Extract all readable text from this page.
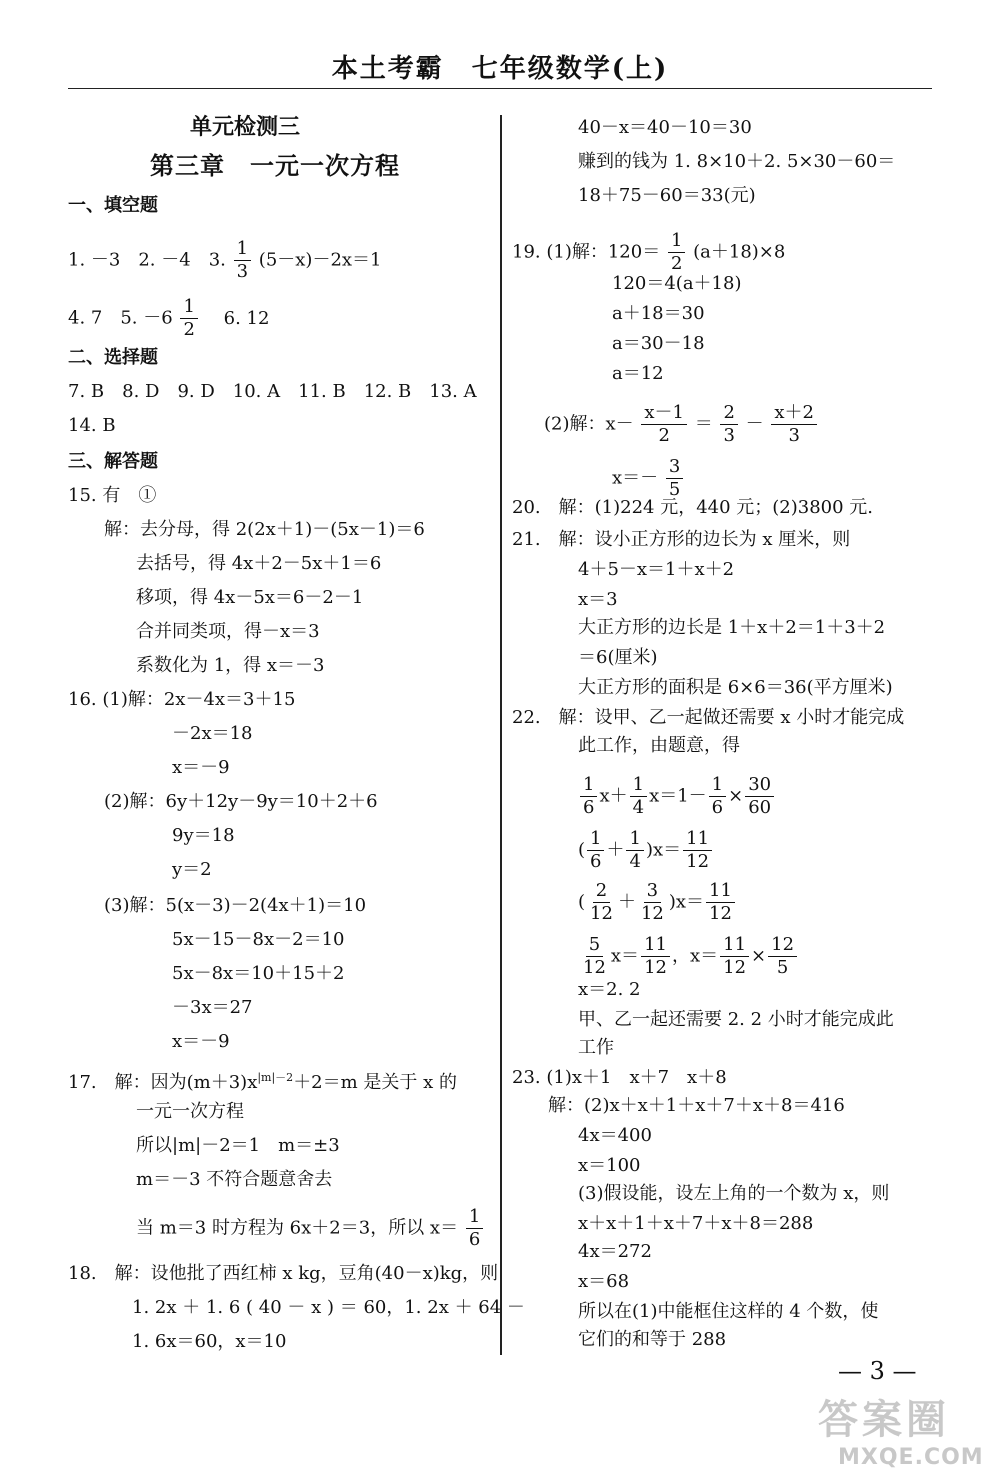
本土考霸 七年级数学(上)
单元检测三
第三章　一元一次方程
一、填空题
1. －3　2. －4　3. $\frac{1}{3} (5-x)-2x=1$
4. 7　5. $-6 \frac{1}{2} 6$. 12
二、选择题
7. B　8. D　9. D　10. A　11. B　12. B　13. A
14. B
三、解答题
15. 有　①
解：去分母，得 2(2x＋1)－(5x－1)＝6
去括号，得 4x＋2－5x＋1＝6
移项，得 4x－5x＝6－2－1
合并同类项，得－x＝3
系数化为 1，得 x＝－3
16. (1)解：2x－4x＝3＋15
－2x＝18
x＝－9
(2)解：6y＋12y－9y＝10＋2＋6
9y＝18
y＝2
(3)解：5(x－3)－2(4x＋1)＝10
5x－15－8x－2＝10
5x－8x＝10＋15＋2
－3x＝27
x＝－9
17.　解：因为$(m+3)x^{|m|-2}+2=m$ 是关于 x 的
一元一次方程
所以|m|－2＝1　m＝±3
m＝－3 不符合题意舍去
当 m＝3 时方程为 6x＋2＝3，所以 $x= \frac{1}{6}$
18.　解：设他批了西红柿 x kg，豆角(40－x)kg，则
1. 2x ＋ 1. 6 ( 40 － x ) ＝ 60，1. 2x ＋ 64 －
1. 6x＝60，x＝10
40－x＝40－10＝30
赚到的钱为 1. 8×10＋2. 5×30－60＝
18＋75－60＝33(元)
19. (1)解：$120= \frac{1}{2} (a+18)\times 8$
120＝4(a＋18)
a＋18＝30
a＝30－18
a＝12
(2)解：$x- \frac{x-1}{2} = \frac{2}{3} - \frac{x+2}{3}$
$x=- \frac{3}{5}$
20.　解：(1)224 元，440 元；(2)3800 元.
21.　解：设小正方形的边长为 x 厘米，则
4＋5－x＝1＋x＋2
x＝3
大正方形的边长是 1＋x＋2＝1＋3＋2
＝6(厘米)
大正方形的面积是 6×6＝36(平方厘米)
22.　解：设甲、乙一起做还需要 x 小时才能完成
此工作，由题意，得
$\frac{1}{6} x+ \frac{1}{4} x=1- \frac{1}{6} \times \frac{30}{60}$
( $\frac{1}{6} + \frac{1}{4} )x= \frac{11}{12}$
( $\frac{2}{12} + \frac{3}{12} )x= \frac{11}{12}$
$\frac{5}{12} x= \frac{11}{12}$ ，$x= \frac{11}{12} \times \frac{12}{5}$
x＝2. 2
甲、乙一起还需要 2. 2 小时才能完成此
工作
23. (1)x＋1　x＋7　x＋8
解：(2)x＋x＋1＋x＋7＋x＋8＝416
4x＝400
x＝100
(3)假设能，设左上角的一个数为 x，则
x＋x＋1＋x＋7＋x＋8＝288
4x＝272
x＝68
所以在(1)中能框住这样的 4 个数，使
它们的和等于 288
— 3 —
答案圈
MXQE.COM
